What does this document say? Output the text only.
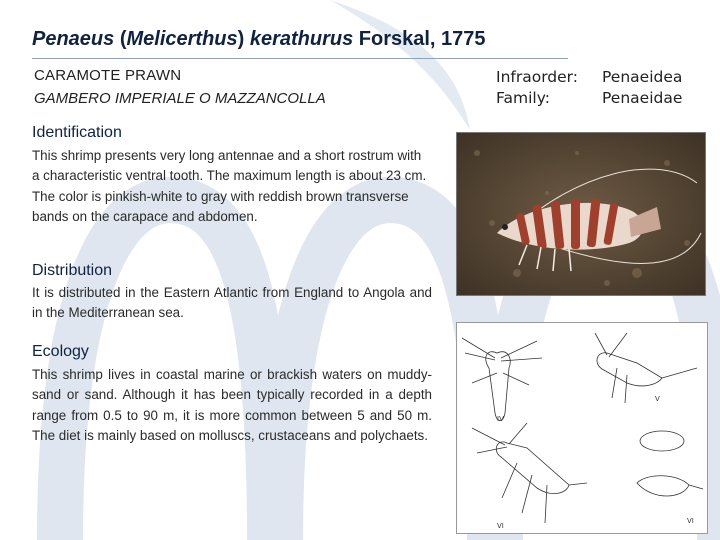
Penaeus (Melicerthus) kerathurus Forskal, 1775
CARAMOTE PRAWN
GAMBERO IMPERIALE O MAZZANCOLLA
Infraorder:	Penaeidea
Family:	Penaeidae
Identification
This shrimp presents very long antennae and a short rostrum with a characteristic ventral tooth. The maximum length is about 23 cm. The color is pinkish-white to gray with reddish brown transverse bands on the carapace and abdomen.
Distribution
It is distributed in the Eastern Atlantic from England to Angola and in the Mediterranean sea.
Ecology
This shrimp lives in coastal marine or brackish waters on muddy-sand or sand. Although it has been typically recorded in a depth range from 0.5 to 90 m, it is more common between 5 and 50 m. The diet is mainly based on molluscs, crustaceans and polychaets.
IV
V
VI
VI
